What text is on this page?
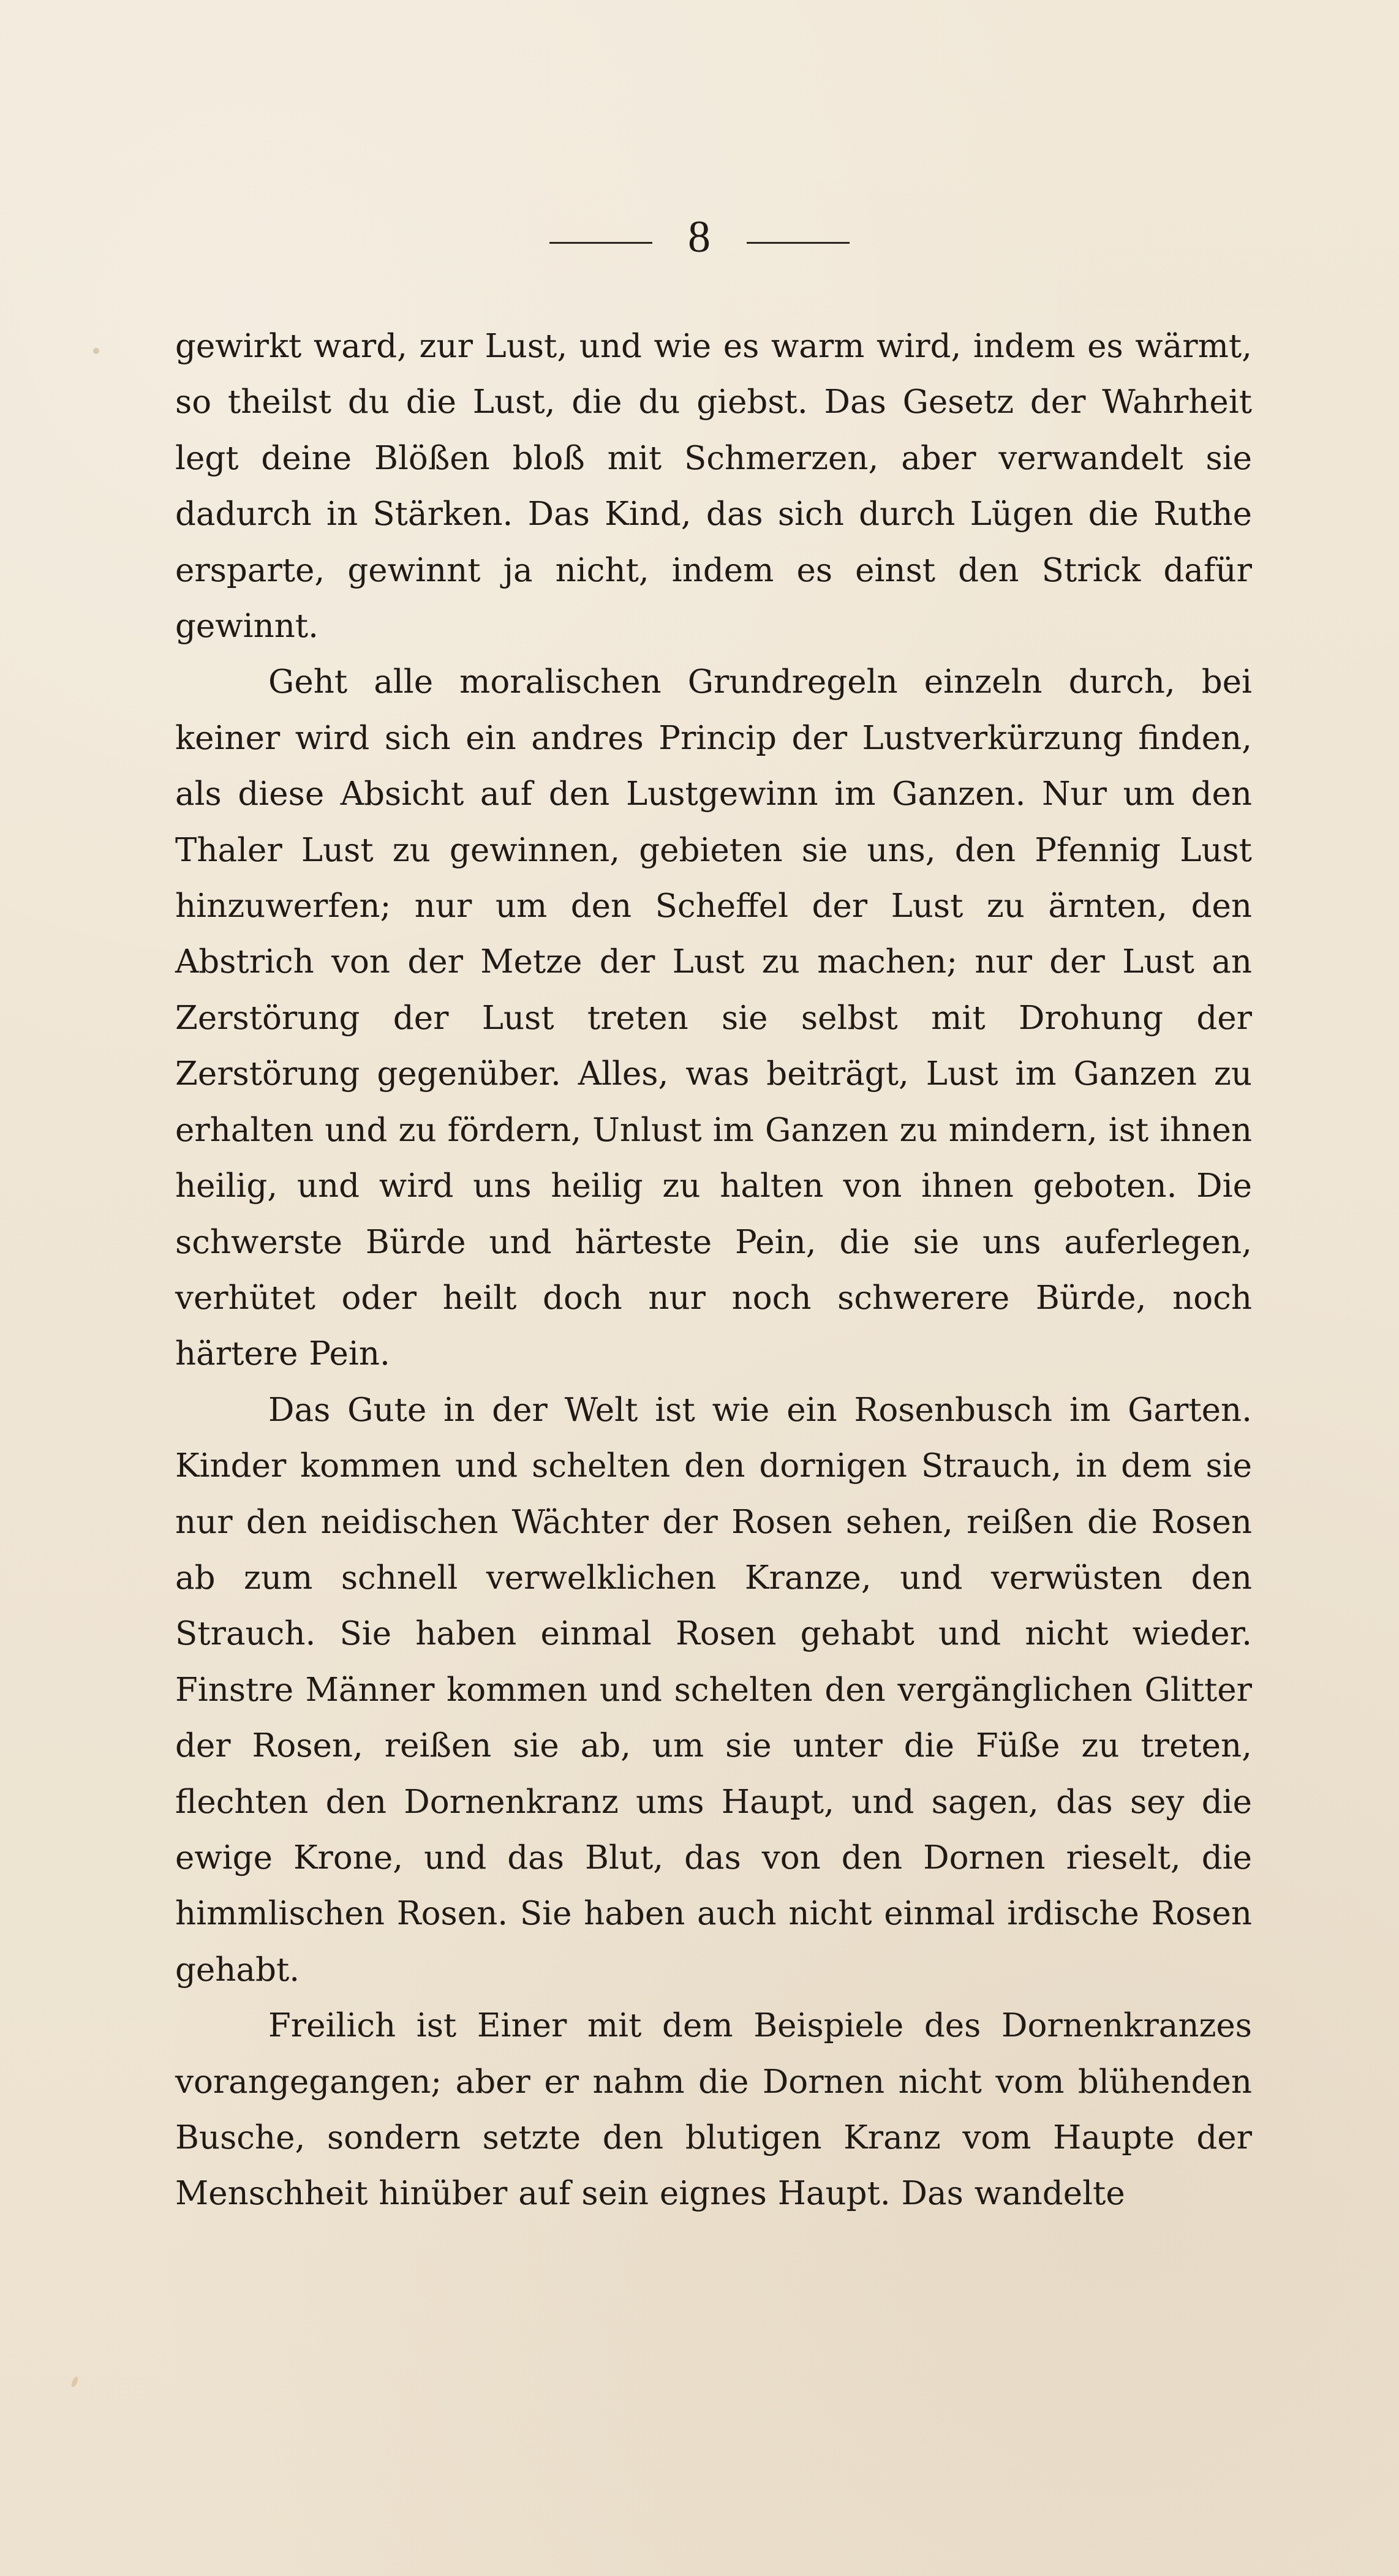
8

gewirkt ward, zur Lust, und wie es warm wird, indem es wärmt, so theilst du die Lust, die du giebst. Das Gesetz der Wahrheit legt deine Blößen bloß mit Schmerzen, aber verwandelt sie dadurch in Stärken. Das Kind, das sich durch Lügen die Ruthe ersparte, gewinnt ja nicht, indem es einst den Strick dafür gewinnt.

Geht alle moralischen Grundregeln einzeln durch, bei keiner wird sich ein andres Princip der Lustverkürzung finden, als diese Absicht auf den Lustgewinn im Ganzen. Nur um den Thaler Lust zu gewinnen, gebieten sie uns, den Pfennig Lust hinzuwerfen; nur um den Scheffel der Lust zu ärnten, den Abstrich von der Metze der Lust zu machen; nur der Lust an Zerstörung der Lust treten sie selbst mit Drohung der Zerstörung gegenüber. Alles, was beiträgt, Lust im Ganzen zu erhalten und zu fördern, Unlust im Ganzen zu mindern, ist ihnen heilig, und wird uns heilig zu halten von ihnen geboten. Die schwerste Bürde und härteste Pein, die sie uns auferlegen, verhütet oder heilt doch nur noch schwerere Bürde, noch härtere Pein.

Das Gute in der Welt ist wie ein Rosenbusch im Garten. Kinder kommen und schelten den dornigen Strauch, in dem sie nur den neidischen Wächter der Rosen sehen, reißen die Rosen ab zum schnell verwelklichen Kranze, und verwüsten den Strauch. Sie haben einmal Rosen gehabt und nicht wieder. Finstre Männer kommen und schelten den vergänglichen Glitter der Rosen, reißen sie ab, um sie unter die Füße zu treten, flechten den Dornenkranz ums Haupt, und sagen, das sey die ewige Krone, und das Blut, das von den Dornen rieselt, die himmlischen Rosen. Sie haben auch nicht einmal irdische Rosen gehabt.

Freilich ist Einer mit dem Beispiele des Dornenkranzes vorangegangen; aber er nahm die Dornen nicht vom blühenden Busche, sondern setzte den blutigen Kranz vom Haupte der Menschheit hinüber auf sein eignes Haupt. Das wandelte
